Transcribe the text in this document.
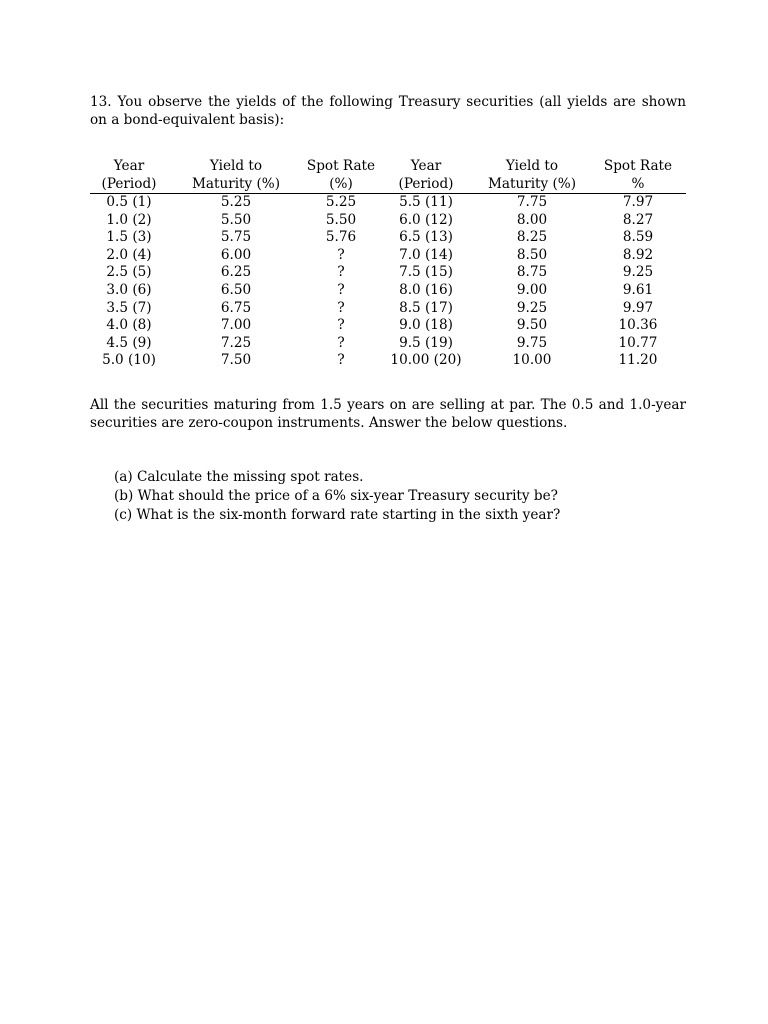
13. You observe the yields of the following Treasury securities (all yields are shown on a bond-equivalent basis):

Year	Yield to	Spot Rate	Year	Yield to	Spot Rate
(Period)	Maturity (%)	(%)	(Period)	Maturity (%)	%
0.5 (1)	5.25	5.25	5.5 (11)	7.75	7.97
1.0 (2)	5.50	5.50	6.0 (12)	8.00	8.27
1.5 (3)	5.75	5.76	6.5 (13)	8.25	8.59
2.0 (4)	6.00	?	7.0 (14)	8.50	8.92
2.5 (5)	6.25	?	7.5 (15)	8.75	9.25
3.0 (6)	6.50	?	8.0 (16)	9.00	9.61
3.5 (7)	6.75	?	8.5 (17)	9.25	9.97
4.0 (8)	7.00	?	9.0 (18)	9.50	10.36
4.5 (9)	7.25	?	9.5 (19)	9.75	10.77
5.0 (10)	7.50	?	10.00 (20)	10.00	11.20

All the securities maturing from 1.5 years on are selling at par. The 0.5 and 1.0-year securities are zero-coupon instruments. Answer the below questions.

(a) Calculate the missing spot rates.
(b) What should the price of a 6% six-year Treasury security be?
(c) What is the six-month forward rate starting in the sixth year?
